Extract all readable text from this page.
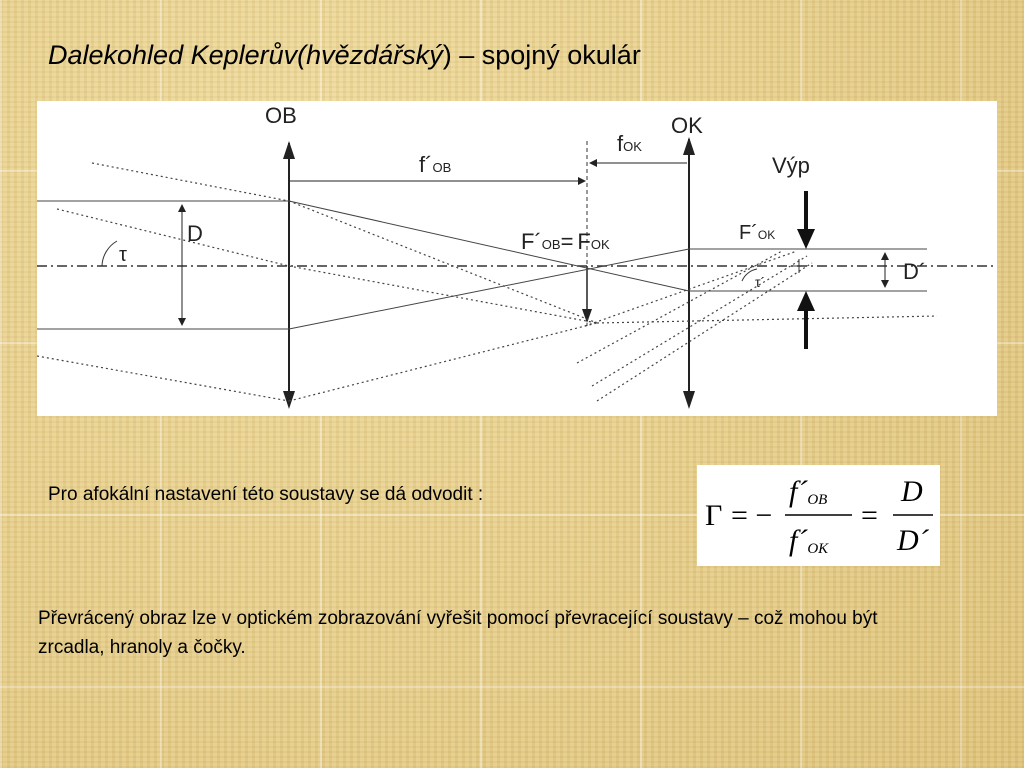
Dalekohled Keplerův(hvězdářský) – spojný okulár
OB	OK
f´OB
fOK
Výp
D
τ
F´OB= FOK
F´OK
τ´	D´
Pro afokální nastavení této soustavy se dá odvodit :
Γ = −
f´OB
f´OK
=
D
D´
Převrácený obraz lze v optickém zobrazování vyřešit pomocí převracející soustavy – což mohou být zrcadla, hranoly a čočky.
